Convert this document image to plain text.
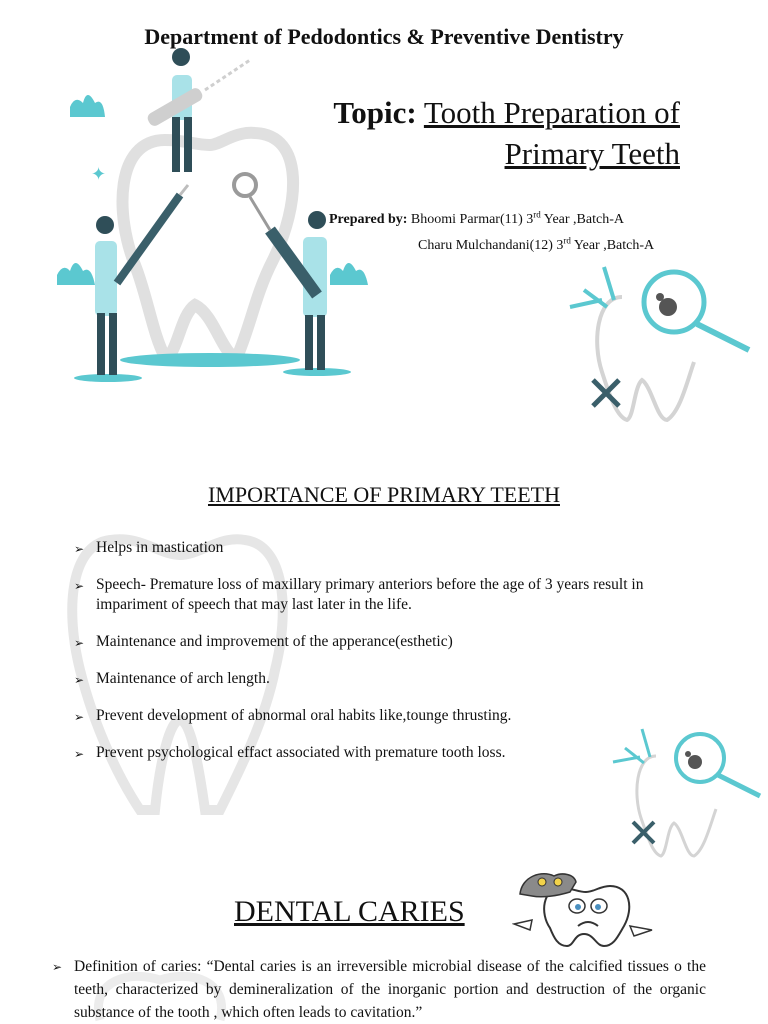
✦
Department of Pedodontics & Preventive Dentistry
Topic: Tooth Preparation of
Primary Teeth
Prepared by: Bhoomi Parmar(11) 3rd Year ,Batch-A
Charu Mulchandani(12) 3rd Year ,Batch-A
IMPORTANCE OF PRIMARY TEETH
➢ Helps in mastication
➢ Speech- Premature loss of maxillary primary anteriors before the age of 3 years result in impariment of speech that may last later in the life.
➢ Maintenance and improvement of the apperance(esthetic)
➢ Maintenance of arch length.
➢ Prevent development of abnormal oral habits like,tounge thrusting.
➢ Prevent psychological effact associated with premature tooth loss.
DENTAL CARIES
➢ Definition of caries: “Dental caries is an irreversible microbial disease of the calcified tissues o the teeth, characterized by demineralization of the inorganic portion and destruction of the organic substance of the tooth , which often leads to cavitation.”
